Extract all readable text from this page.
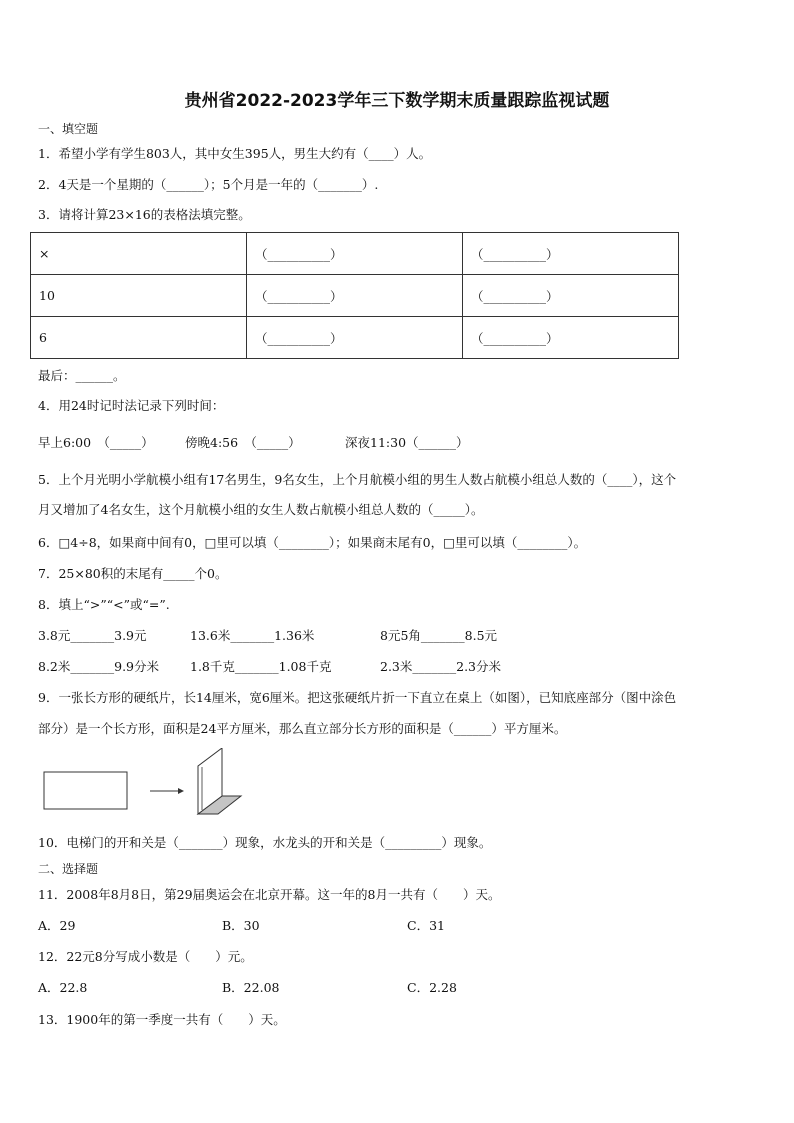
贵州省2022-2023学年三下数学期末质量跟踪监视试题
一、填空题
1．希望小学有学生803人，其中女生395人，男生大约有（____）人。
2．4天是一个星期的（______）；5个月是一年的（_______）.
3．请将计算23×16的表格法填完整。
×	（__________）	（__________）
10	（__________）	（__________）
6	（__________）	（__________）
最后：______。
4．用24时记时法记录下列时间：
早上6:00　（_____）	傍晚4:56　（_____）	深夜11:30（______）
5．上个月光明小学航模小组有17名男生，9名女生，上个月航模小组的男生人数占航模小组总人数的（____），这个
月又增加了4名女生，这个月航模小组的女生人数占航模小组总人数的（_____）。
6．□4÷8，如果商中间有0，□里可以填（________）；如果商末尾有0，□里可以填（________）。
7．25×80积的末尾有_____个0。
8．填上“>”“<”或“=”.
3.8元_______3.9元	13.6米_______1.36米	8元5角_______8.5元
8.2米_______9.9分米 1.8千克_______1.08千克	2.3米_______2.3分米
9．一张长方形的硬纸片，长14厘米，宽6厘米。把这张硬纸片折一下直立在桌上（如图），已知底座部分（图中涂色
部分）是一个长方形，面积是24平方厘米，那么直立部分长方形的面积是（______）平方厘米。
10．电梯门的开和关是（_______）现象，水龙头的开和关是（_________）现象。
二、选择题
11．2008年8月8日，第29届奥运会在北京开幕。这一年的8月一共有（　　）天。
A．29	B．30	C．31
12．22元8分写成小数是（　　）元。
A．22.8	B．22.08	C．2.28
13．1900年的第一季度一共有（　　）天。
